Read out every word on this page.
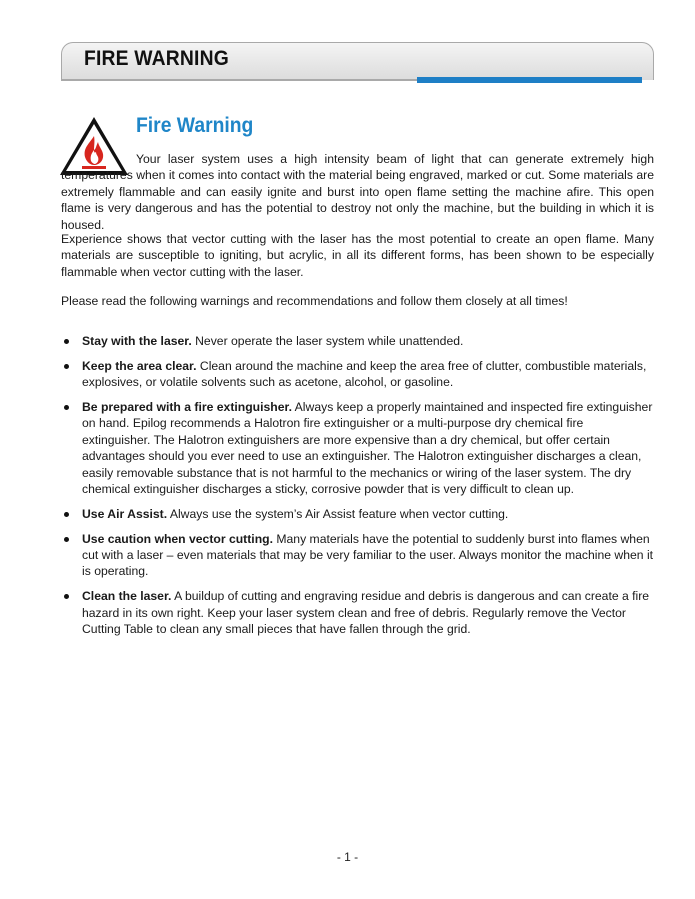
FIRE WARNING
Fire Warning

Your laser system uses a high intensity beam of light that can generate extremely high temperatures when it comes into contact with the material being engraved, marked or cut. Some materials are extremely flammable and can easily ignite and burst into open flame setting the machine afire. This open flame is very dangerous and has the potential to destroy not only the machine, but the building in which it is housed.

Experience shows that vector cutting with the laser has the most potential to create an open flame. Many materials are susceptible to igniting, but acrylic, in all its different forms, has been shown to be especially flammable when vector cutting with the laser.

Please read the following warnings and recommendations and follow them closely at all times!

Stay with the laser. Never operate the laser system while unattended.
Keep the area clear. Clean around the machine and keep the area free of clutter, combustible materials, explosives, or volatile solvents such as acetone, alcohol, or gasoline.
Be prepared with a fire extinguisher. Always keep a properly maintained and inspected fire extinguisher on hand. Epilog recommends a Halotron fire extinguisher or a multi-purpose dry chemical fire extinguisher. The Halotron extinguishers are more expensive than a dry chemical, but offer certain advantages should you ever need to use an extinguisher. The Halotron extinguisher discharges a clean, easily removable substance that is not harmful to the mechanics or wiring of the laser system. The dry chemical extinguisher discharges a sticky, corrosive powder that is very difficult to clean up.
Use Air Assist. Always use the system’s Air Assist feature when vector cutting.
Use caution when vector cutting. Many materials have the potential to suddenly burst into flames when cut with a laser – even materials that may be very familiar to the user. Always monitor the machine when it is operating.
Clean the laser. A buildup of cutting and engraving residue and debris is dangerous and can create a fire hazard in its own right. Keep your laser system clean and free of debris. Regularly remove the Vector Cutting Table to clean any small pieces that have fallen through the grid.
- 1 -
